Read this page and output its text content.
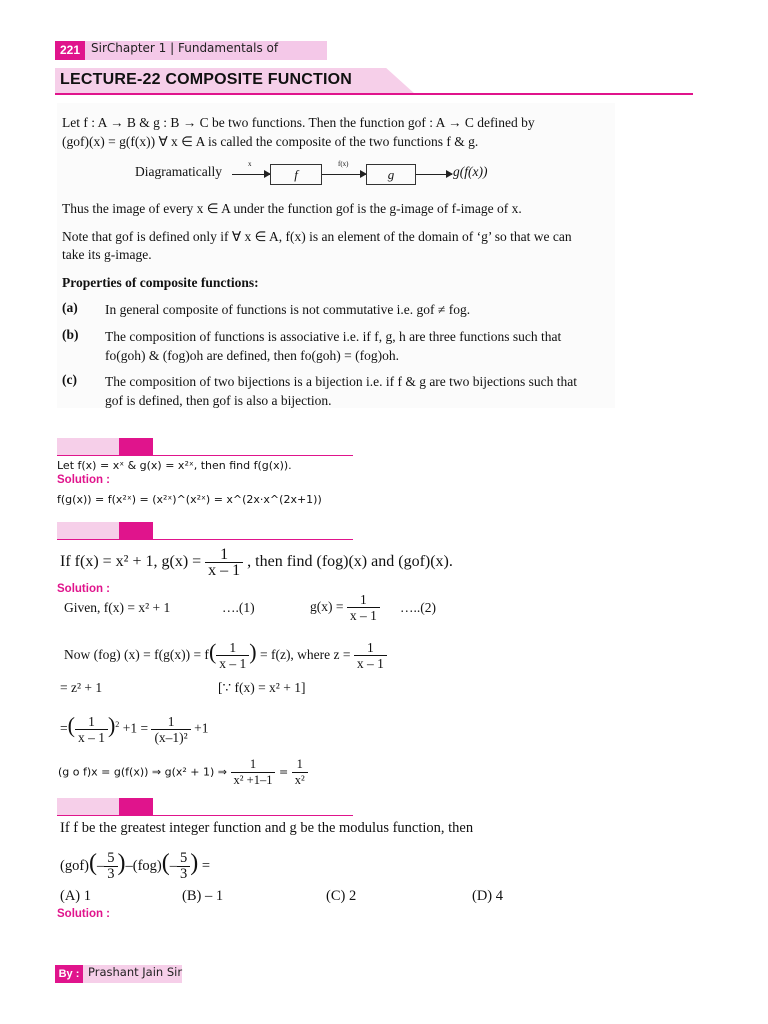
221 SirChapter 1 | Fundamentals of
LECTURE-22 COMPOSITE FUNCTION
Let f : A → B & g : B → C be two functions. Then the function gof : A → C defined by
(gof)(x) = g(f(x)) ∀ x ∈ A is called the composite of the two functions f & g.
Diagramatically	x
f
f(x)
g	g(f(x))
Thus the image of every x ∈ A under the function gof is the g-image of f-image of x.
Note that gof is defined only if ∀ x ∈ A, f(x) is an element of the domain of ‘g’ so that we can
take its g-image.
Properties of composite functions:
(a) In general composite of functions is not commutative i.e. gof ≠ fog.
(b) The composition of functions is associative i.e. if f, g, h are three functions such that
fo(goh) & (fog)oh are defined, then fo(goh) = (fog)oh.
(c) The composition of two bijections is a bijection i.e. if f & g are two bijections such that
gof is defined, then gof is also a bijection.
Let f(x) = xˣ & g(x) = x²ˣ, then find f(g(x)).
Solution :
f(g(x)) = f(x²ˣ) = (x²ˣ)^(x²ˣ) = x^(2x·x^(2x+1))
If f(x) = x² + 1, $g(x) = \frac{1}{x - 1}$ , then find (fog)(x) and (gof)(x).
Solution :
Given, f(x) = x² + 1	….(1)	$g(x) = \frac{1}{x - 1}$ …..(2)
Now (fog) $(x) = f(g(x)) = f( \frac{1}{x - 1}$ ) = f(z), where $z = \frac{1}{x - 1}$
= z² + 1	[∵ f(x) = x² + 1]
=( $\frac{1}{x - 1} )^2 +1 = \frac{1}{\text{(x–1)²}} +1$
(g o f)x = g(f(x)) ⇒ g(x² + 1) ⇒ $\frac{1}{\text{x² +1–1}} = \frac{1}{\text{x²}}$
If f be the greatest integer function and g be the modulus function, then
$(gof)(- \frac{5}{3} )-(fog)(- \frac{5}{3}$ ) =
(A) 1	(B) – 1	(C) 2	(D) 4
Solution :
By : Prashant Jain Sir
